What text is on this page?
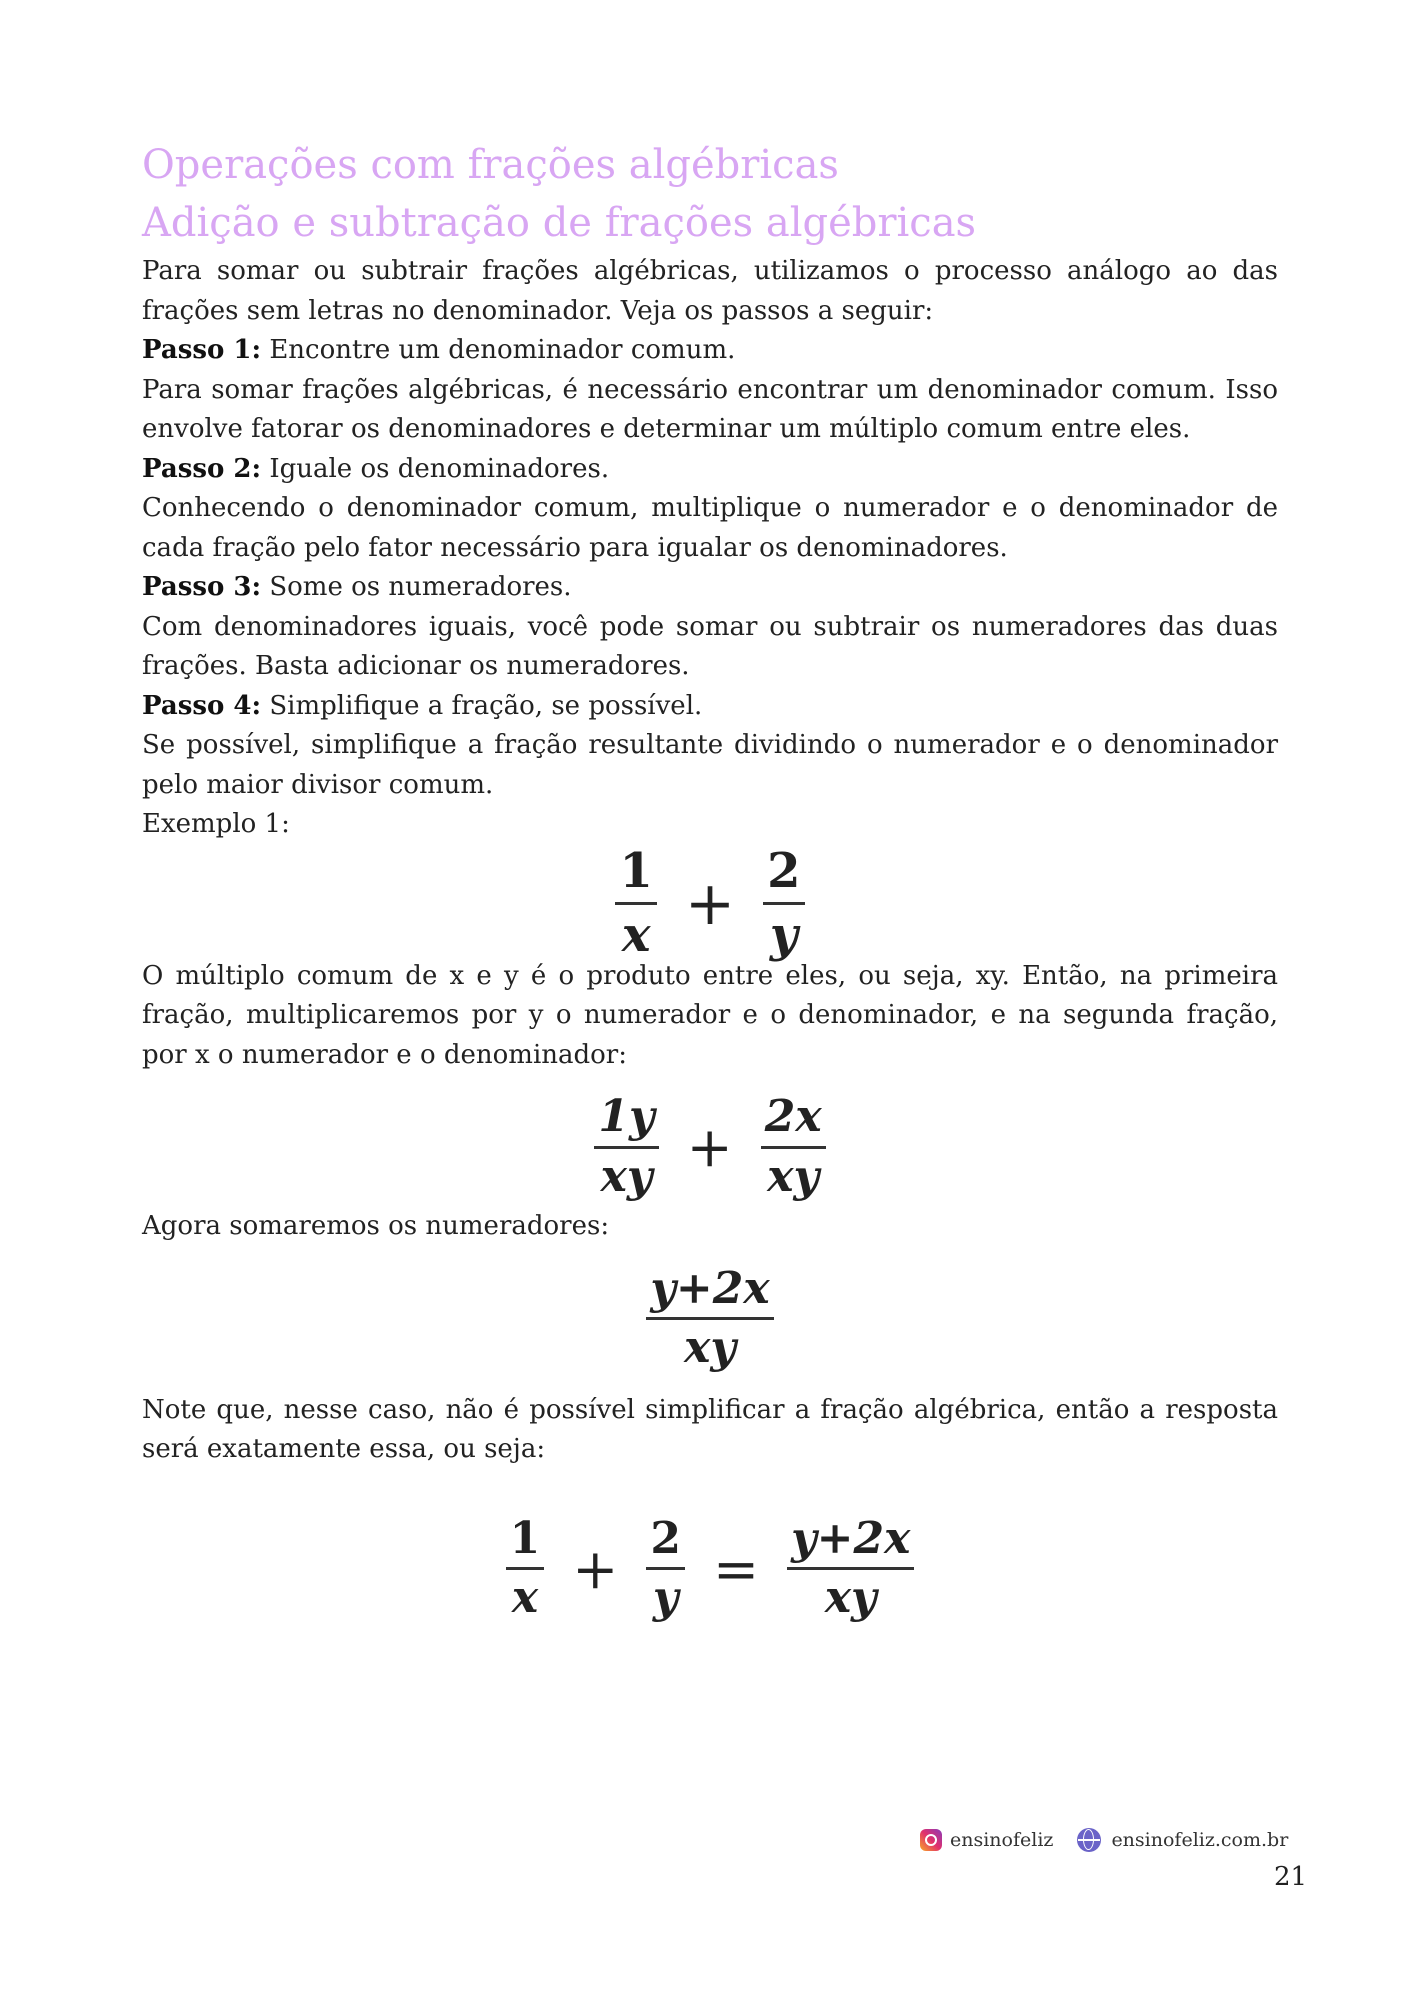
Operações com frações algébricas
Adição e subtração de frações algébricas

Para somar ou subtrair frações algébricas, utilizamos o processo análogo ao das frações sem letras no denominador. Veja os passos a seguir:

Passo 1: Encontre um denominador comum.

Para somar frações algébricas, é necessário encontrar um denominador comum. Isso envolve fatorar os denominadores e determinar um múltiplo comum entre eles.

Passo 2: Iguale os denominadores.

Conhecendo o denominador comum, multiplique o numerador e o denominador de cada fração pelo fator necessário para igualar os denominadores.

Passo 3: Some os numeradores.

Com denominadores iguais, você pode somar ou subtrair os numeradores das duas frações. Basta adicionar os numeradores.

Passo 4: Simplifique a fração, se possível.

Se possível, simplifique a fração resultante dividindo o numerador e o denominador pelo maior divisor comum.

Exemplo 1:

$\frac{1}{x} + \frac{2}{y}$

O múltiplo comum de x e y é o produto entre eles, ou seja, xy. Então, na primeira fração, multiplicaremos por y o numerador e o denominador, e na segunda fração, por x o numerador e o denominador:

$\frac{1y}{xy} + \frac{2x}{xy}$

Agora somaremos os numeradores:

$\frac{y+2x}{xy}$

Note que, nesse caso, não é possível simplificar a fração algébrica, então a resposta será exatamente essa, ou seja:

$\frac{1}{x} + \frac{2}{y} = \frac{y+2x}{xy}$
ensinofeliz	ensinofeliz.com.br
21
